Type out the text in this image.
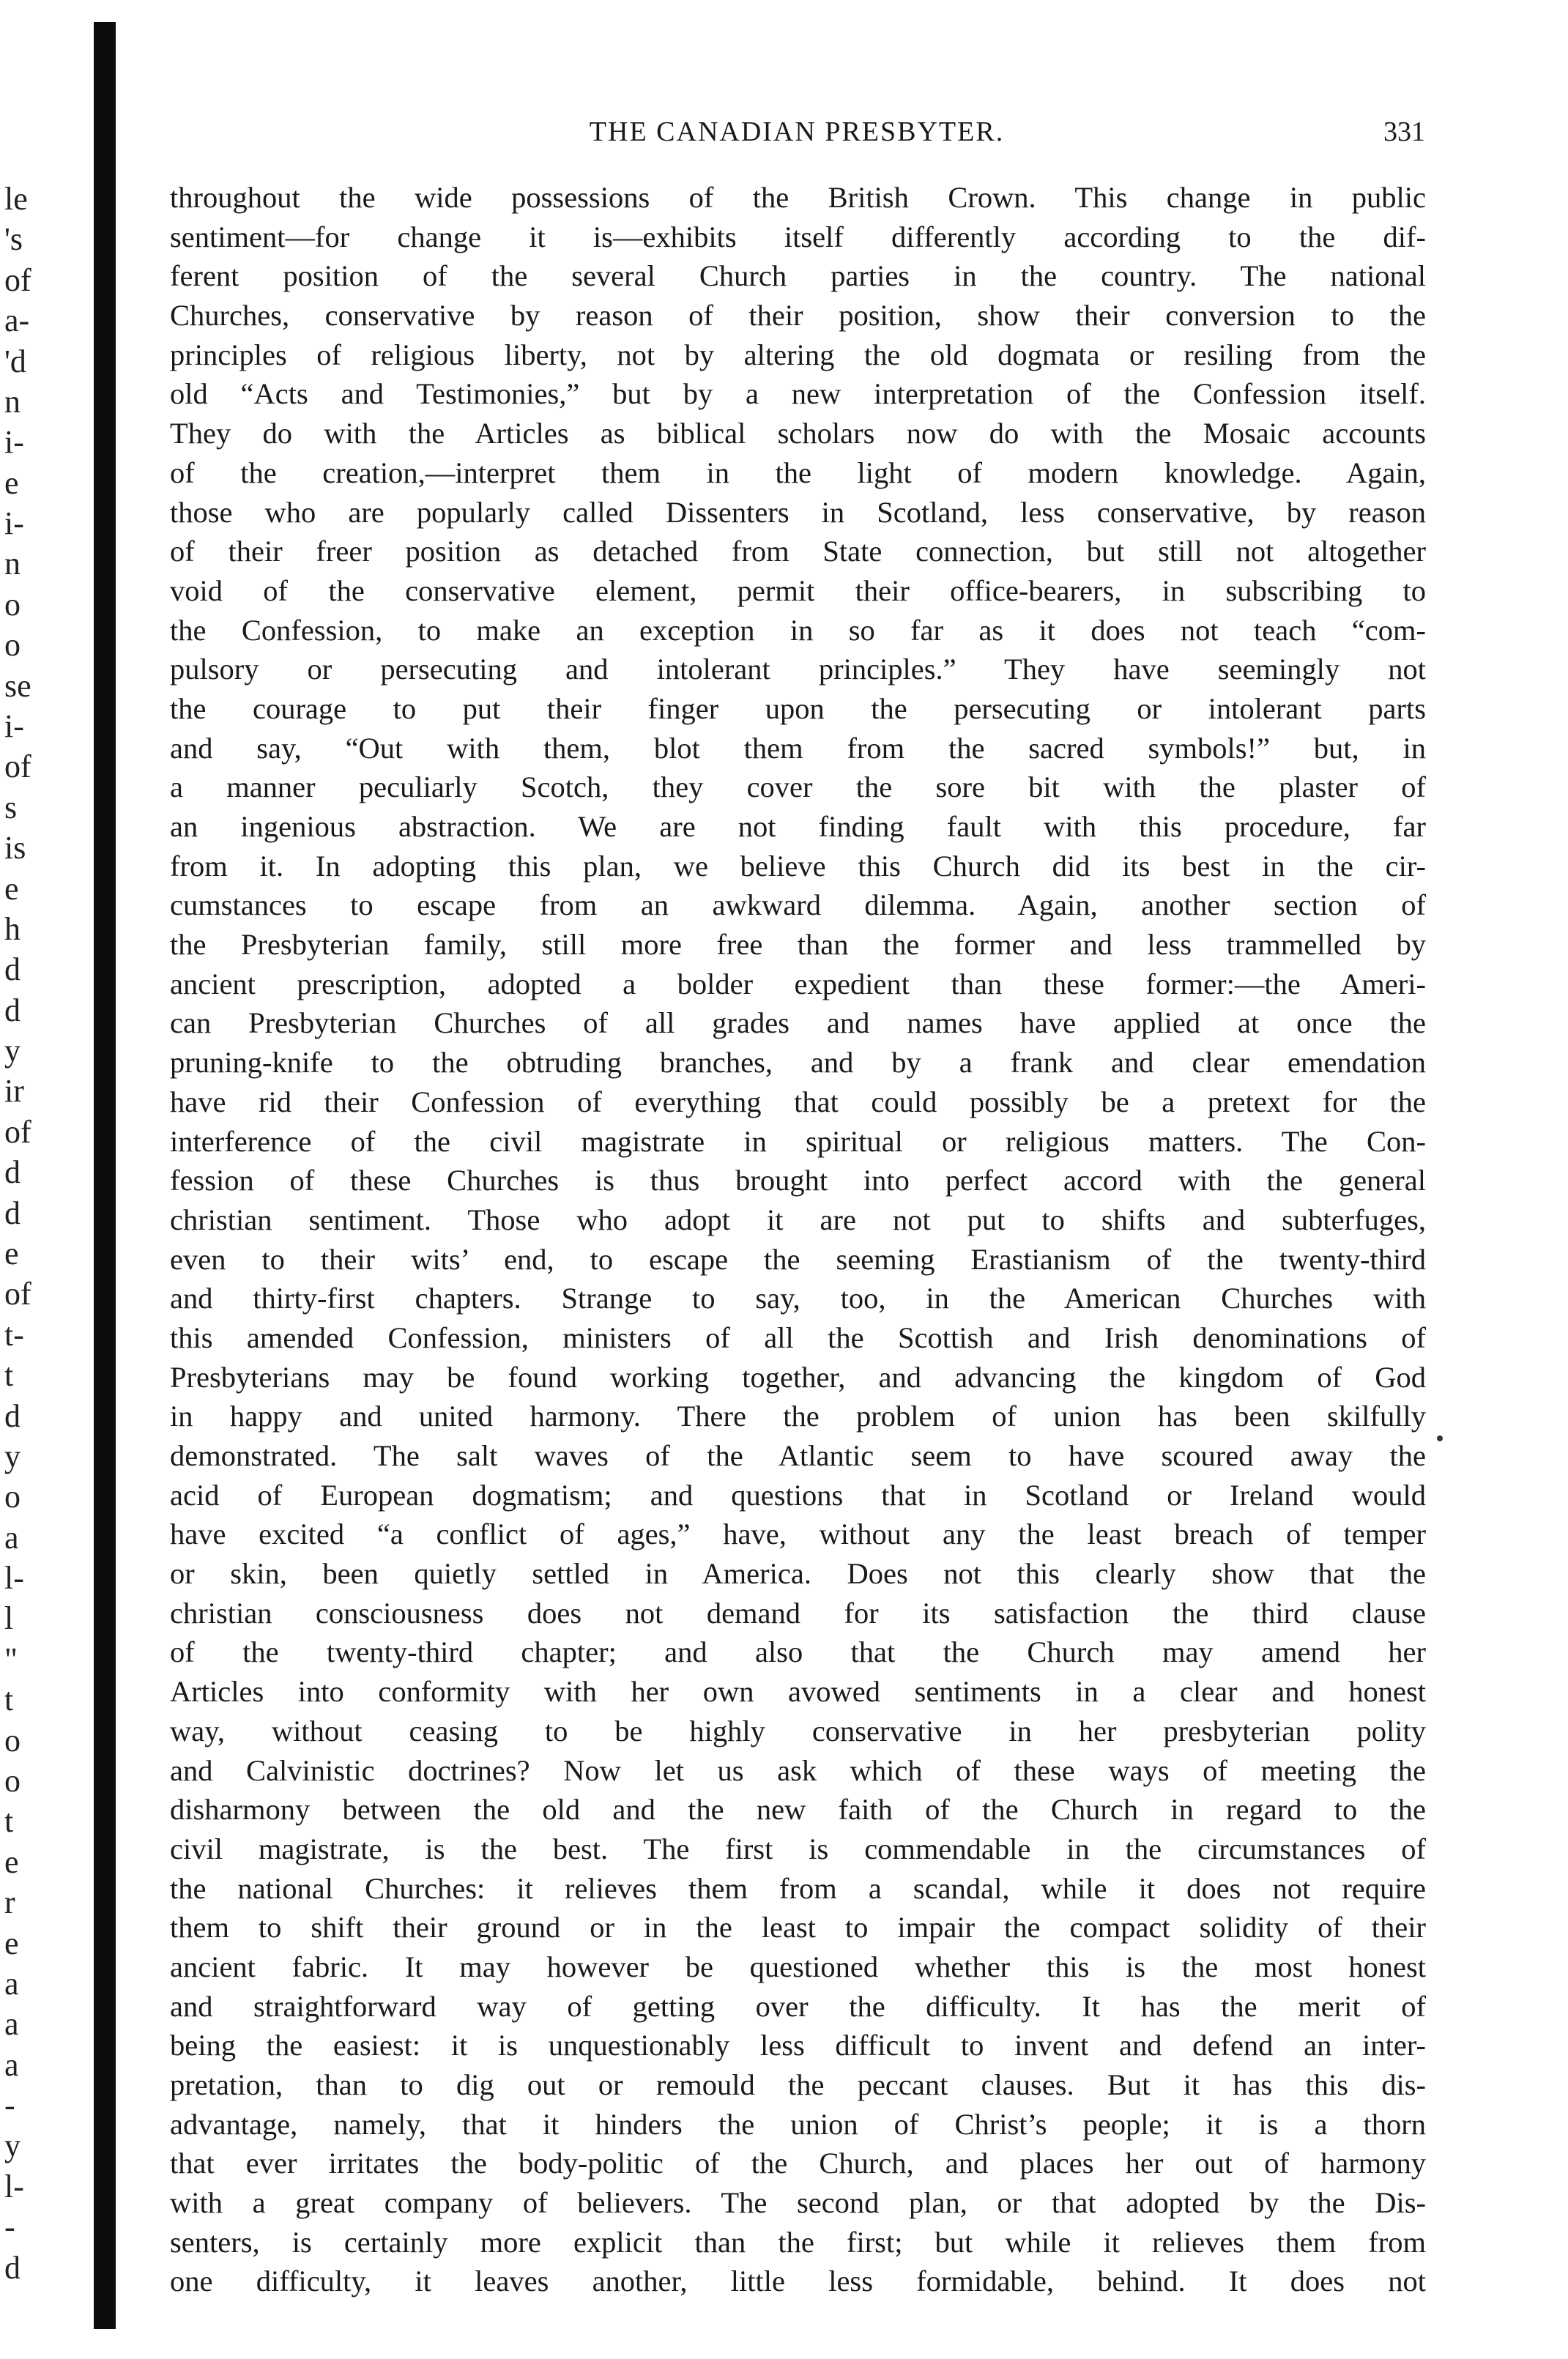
le
's
of
a-
'd
n
i-
e
i-
n
o
o
se
i-
of
s
is
e
h
d
d
y
ir
of
d
d
e
of
t-
t
d
y
o
a
l-
l
"
t
o
o
t
e
r
e
a
a
a
-
y
l-
-
d
THE CANADIAN PRESBYTER.	331
throughout the wide possessions of the British Crown. This change in public
sentiment—for change it is—exhibits itself differently according to the dif-
ferent position of the several Church parties in the country. The national
Churches, conservative by reason of their position, show their conversion to the
principles of religious liberty, not by altering the old dogmata or resiling from the
old “Acts and Testimonies,” but by a new interpretation of the Confession itself.
They do with the Articles as biblical scholars now do with the Mosaic accounts
of the creation,—interpret them in the light of modern knowledge. Again,
those who are popularly called Dissenters in Scotland, less conservative, by reason
of their freer position as detached from State connection, but still not altogether
void of the conservative element, permit their office-bearers, in subscribing to
the Confession, to make an exception in so far as it does not teach “com-
pulsory or persecuting and intolerant principles.” They have seemingly not
the courage to put their finger upon the persecuting or intolerant parts
and say, “Out with them, blot them from the sacred symbols!” but, in
a manner peculiarly Scotch, they cover the sore bit with the plaster of
an ingenious abstraction. We are not finding fault with this procedure, far
from it. In adopting this plan, we believe this Church did its best in the cir-
cumstances to escape from an awkward dilemma. Again, another section of
the Presbyterian family, still more free than the former and less trammelled by
ancient prescription, adopted a bolder expedient than these former:—the Ameri-
can Presbyterian Churches of all grades and names have applied at once the
pruning-knife to the obtruding branches, and by a frank and clear emendation
have rid their Confession of everything that could possibly be a pretext for the
interference of the civil magistrate in spiritual or religious matters. The Con-
fession of these Churches is thus brought into perfect accord with the general
christian sentiment. Those who adopt it are not put to shifts and subterfuges,
even to their wits’ end, to escape the seeming Erastianism of the twenty-third
and thirty-first chapters. Strange to say, too, in the American Churches with
this amended Confession, ministers of all the Scottish and Irish denominations of
Presbyterians may be found working together, and advancing the kingdom of God
in happy and united harmony. There the problem of union has been skilfully
demonstrated. The salt waves of the Atlantic seem to have scoured away the
acid of European dogmatism; and questions that in Scotland or Ireland would
have excited “a conflict of ages,” have, without any the least breach of temper
or skin, been quietly settled in America. Does not this clearly show that the
christian consciousness does not demand for its satisfaction the third clause
of the twenty-third chapter; and also that the Church may amend her
Articles into conformity with her own avowed sentiments in a clear and honest
way, without ceasing to be highly conservative in her presbyterian polity
and Calvinistic doctrines? Now let us ask which of these ways of meeting the
disharmony between the old and the new faith of the Church in regard to the
civil magistrate, is the best. The first is commendable in the circumstances of
the national Churches: it relieves them from a scandal, while it does not require
them to shift their ground or in the least to impair the compact solidity of their
ancient fabric. It may however be questioned whether this is the most honest
and straightforward way of getting over the difficulty. It has the merit of
being the easiest: it is unquestionably less difficult to invent and defend an inter-
pretation, than to dig out or remould the peccant clauses. But it has this dis-
advantage, namely, that it hinders the union of Christ’s people; it is a thorn
that ever irritates the body-politic of the Church, and places her out of harmony
with a great company of believers. The second plan, or that adopted by the Dis-
senters, is certainly more explicit than the first; but while it relieves them from
one difficulty, it leaves another, little less formidable, behind. It does not
